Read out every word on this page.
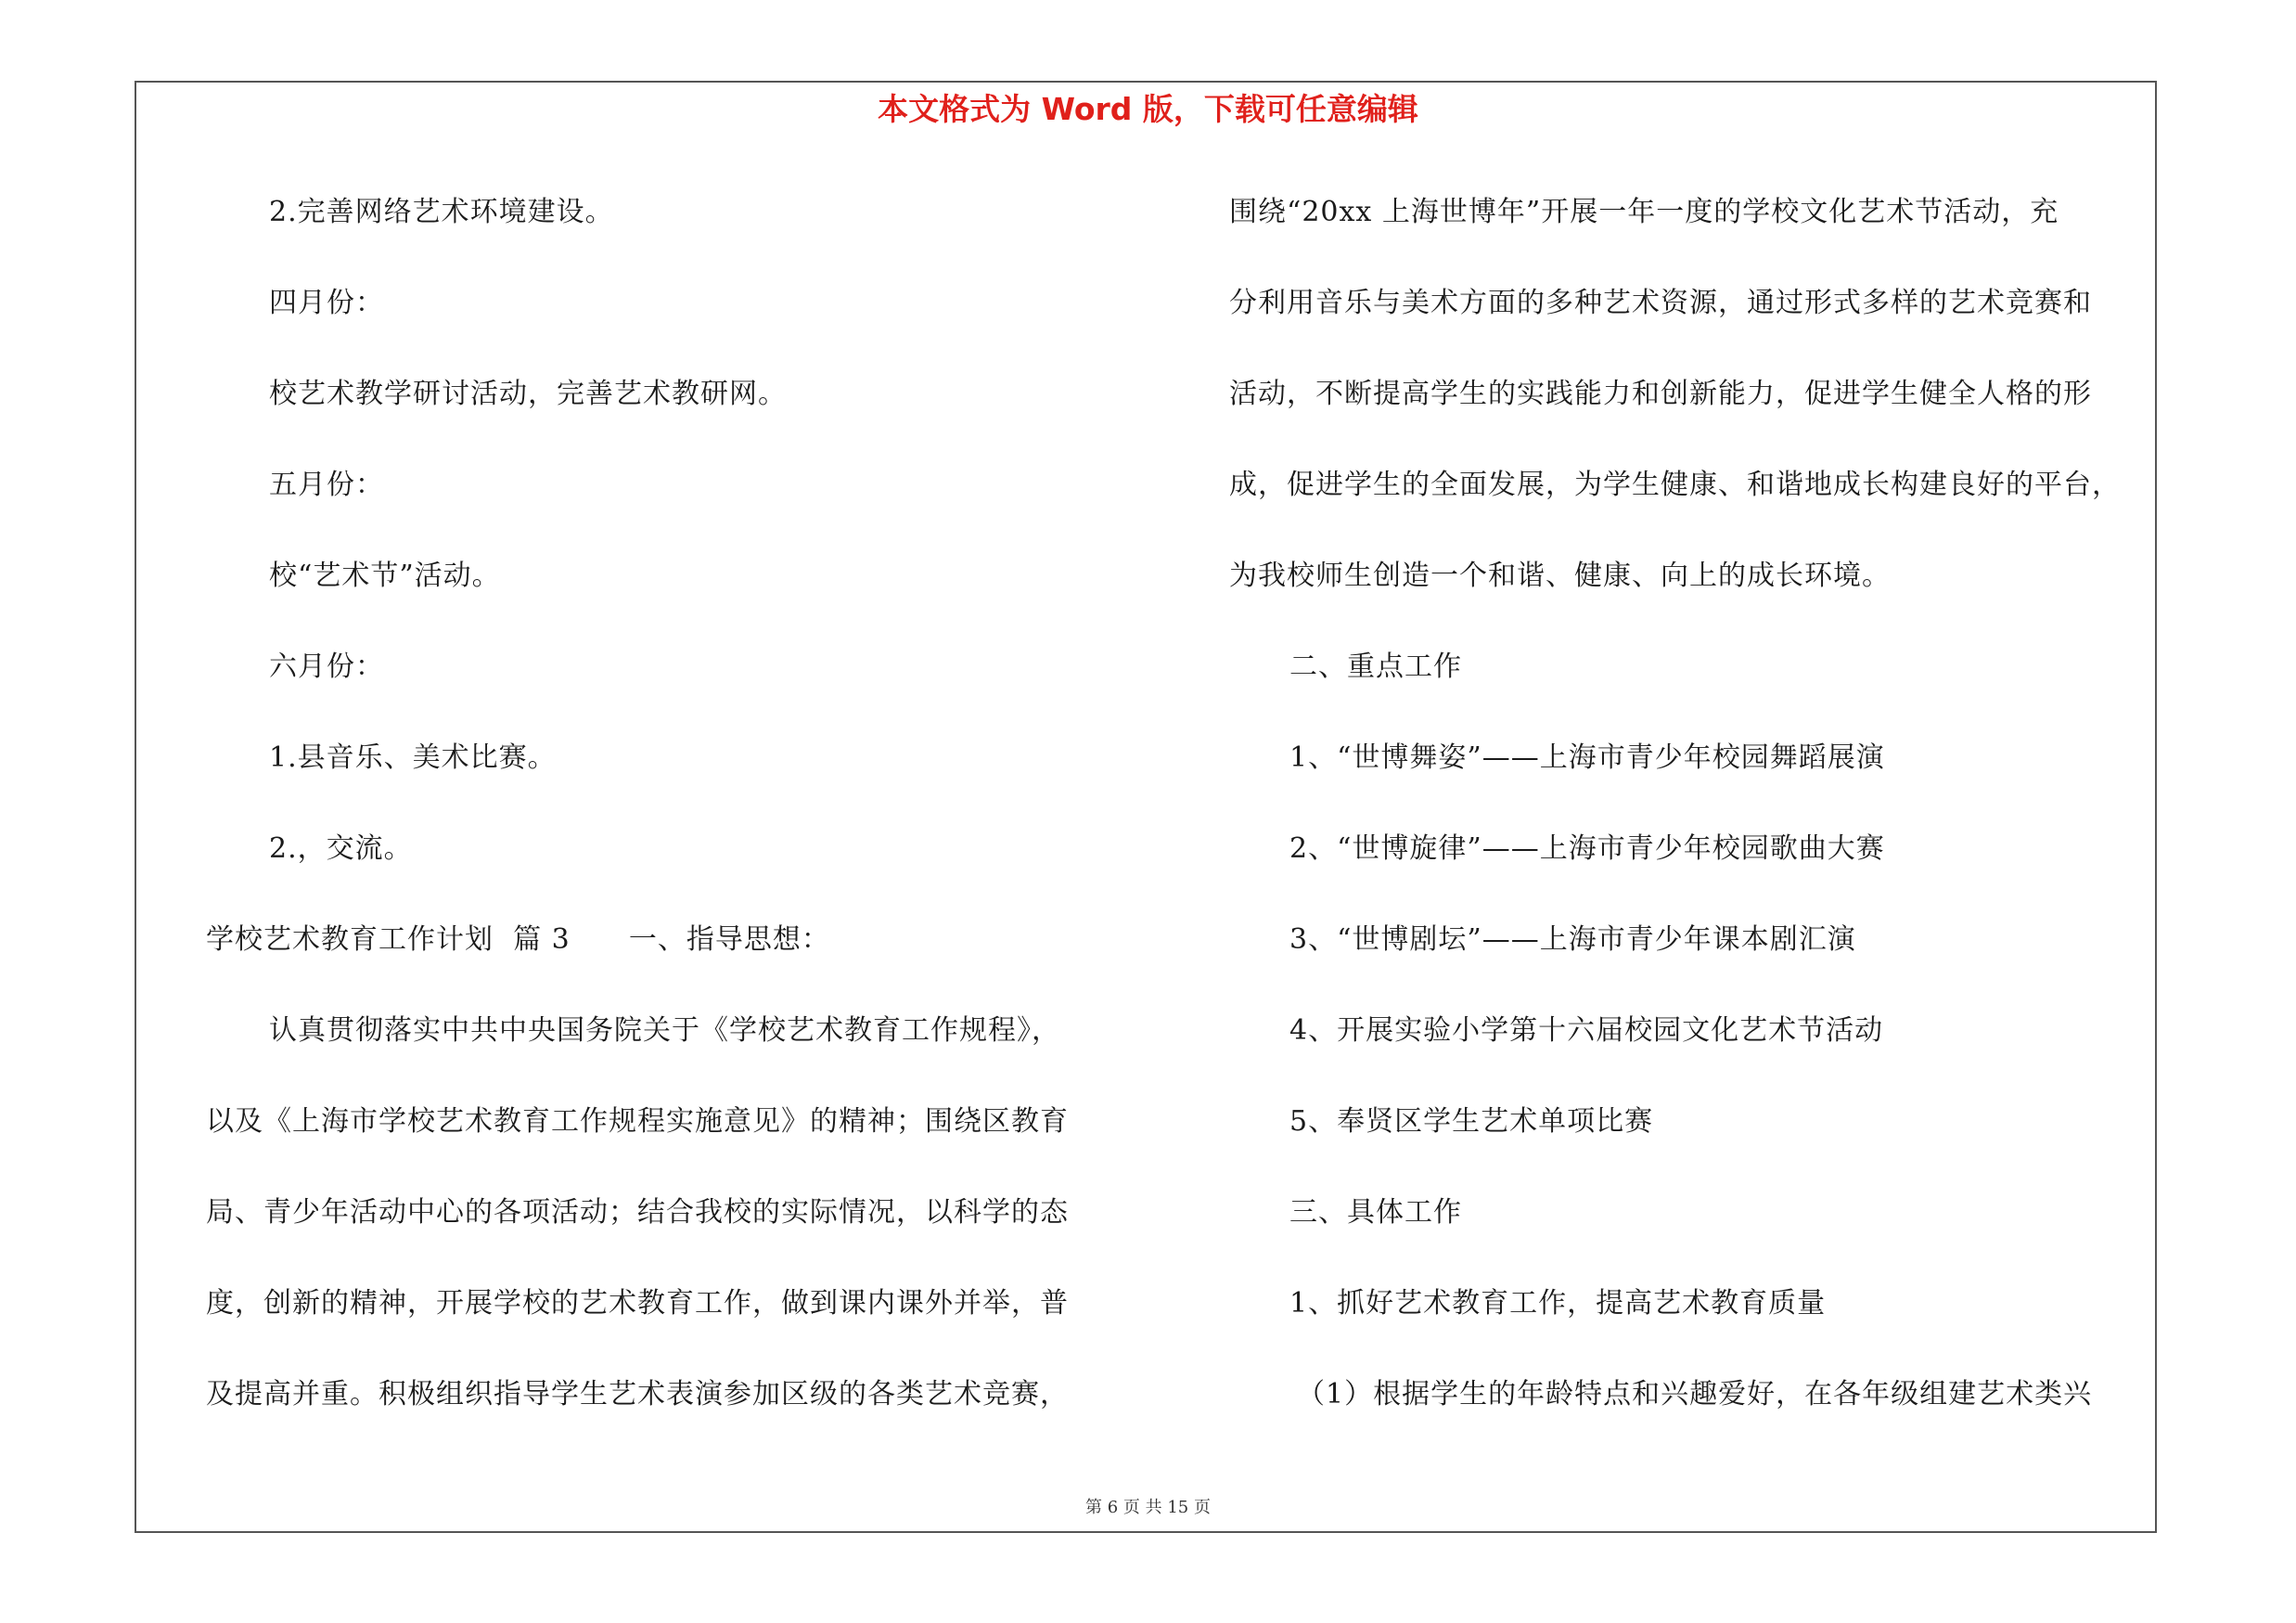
本文格式为 Word 版，下载可任意编辑
2.完善网络艺术环境建设。
四月份：
校艺术教学研讨活动，完善艺术教研网。
五月份：
校“艺术节”活动。
六月份：
1.县音乐、美术比赛。
2.，交流。
学校艺术教育工作计划  篇 3      一、指导思想：
认真贯彻落实中共中央国务院关于《学校艺术教育工作规程》，
以及《上海市学校艺术教育工作规程实施意见》的精神；围绕区教育
局、青少年活动中心的各项活动；结合我校的实际情况，以科学的态
度，创新的精神，开展学校的艺术教育工作，做到课内课外并举，普
及提高并重。积极组织指导学生艺术表演参加区级的各类艺术竞赛，
围绕“20xx 上海世博年”开展一年一度的学校文化艺术节活动，充
分利用音乐与美术方面的多种艺术资源，通过形式多样的艺术竞赛和
活动，不断提高学生的实践能力和创新能力，促进学生健全人格的形
成，促进学生的全面发展，为学生健康、和谐地成长构建良好的平台，
为我校师生创造一个和谐、健康、向上的成长环境。
二、重点工作
1、“世博舞姿”——上海市青少年校园舞蹈展演
2、“世博旋律”——上海市青少年校园歌曲大赛
3、“世博剧坛”——上海市青少年课本剧汇演
4、开展实验小学第十六届校园文化艺术节活动
5、奉贤区学生艺术单项比赛
三、具体工作
1、抓好艺术教育工作，提高艺术教育质量
（1）根据学生的年龄特点和兴趣爱好，在各年级组建艺术类兴
第 6 页 共 15 页
